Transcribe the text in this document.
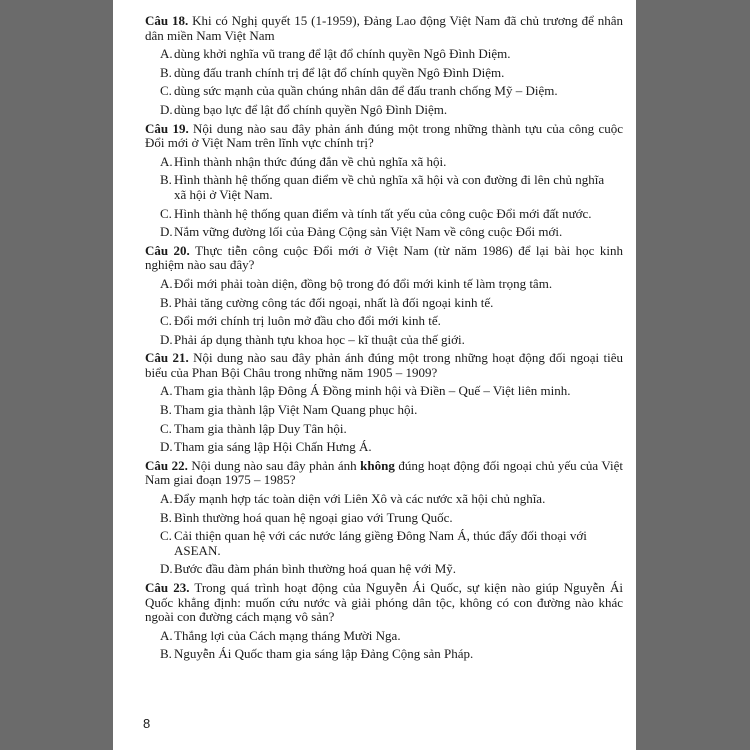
Câu 18. Khi có Nghị quyết 15 (1-1959), Đảng Lao động Việt Nam đã chủ trương để nhân dân miền Nam Việt Nam
A. dùng khởi nghĩa vũ trang để lật đổ chính quyền Ngô Đình Diệm.
B. dùng đấu tranh chính trị để lật đổ chính quyền Ngô Đình Diệm.
C. dùng sức mạnh của quần chúng nhân dân để đấu tranh chống Mỹ – Diệm.
D. dùng bạo lực để lật đổ chính quyền Ngô Đình Diệm.
Câu 19. Nội dung nào sau đây phản ánh đúng một trong những thành tựu của công cuộc Đổi mới ở Việt Nam trên lĩnh vực chính trị?
A. Hình thành nhận thức đúng đắn về chủ nghĩa xã hội.
B. Hình thành hệ thống quan điểm về chủ nghĩa xã hội và con đường đi lên chủ nghĩa xã hội ở Việt Nam.
C. Hình thành hệ thống quan điểm và tính tất yếu của công cuộc Đổi mới đất nước.
D. Nắm vững đường lối của Đảng Cộng sản Việt Nam về công cuộc Đổi mới.
Câu 20. Thực tiễn công cuộc Đổi mới ở Việt Nam (từ năm 1986) để lại bài học kinh nghiệm nào sau đây?
A. Đổi mới phải toàn diện, đồng bộ trong đó đổi mới kinh tế làm trọng tâm.
B. Phải tăng cường công tác đối ngoại, nhất là đối ngoại kinh tế.
C. Đổi mới chính trị luôn mở đầu cho đổi mới kinh tế.
D. Phải áp dụng thành tựu khoa học – kĩ thuật của thế giới.
Câu 21. Nội dung nào sau đây phản ánh đúng một trong những hoạt động đối ngoại tiêu biểu của Phan Bội Châu trong những năm 1905 – 1909?
A. Tham gia thành lập Đông Á Đồng minh hội và Điền – Quế – Việt liên minh.
B. Tham gia thành lập Việt Nam Quang phục hội.
C. Tham gia thành lập Duy Tân hội.
D. Tham gia sáng lập Hội Chấn Hưng Á.
Câu 22. Nội dung nào sau đây phản ánh không đúng hoạt động đối ngoại chủ yếu của Việt Nam giai đoạn 1975 – 1985?
A. Đẩy mạnh hợp tác toàn diện với Liên Xô và các nước xã hội chủ nghĩa.
B. Bình thường hoá quan hệ ngoại giao với Trung Quốc.
C. Cải thiện quan hệ với các nước láng giềng Đông Nam Á, thúc đẩy đối thoại với ASEAN.
D. Bước đầu đàm phán bình thường hoá quan hệ với Mỹ.
Câu 23. Trong quá trình hoạt động của Nguyễn Ái Quốc, sự kiện nào giúp Nguyễn Ái Quốc khẳng định: muốn cứu nước và giải phóng dân tộc, không có con đường nào khác ngoài con đường cách mạng vô sản?
A. Thắng lợi của Cách mạng tháng Mười Nga.
B. Nguyễn Ái Quốc tham gia sáng lập Đảng Cộng sản Pháp.
8
